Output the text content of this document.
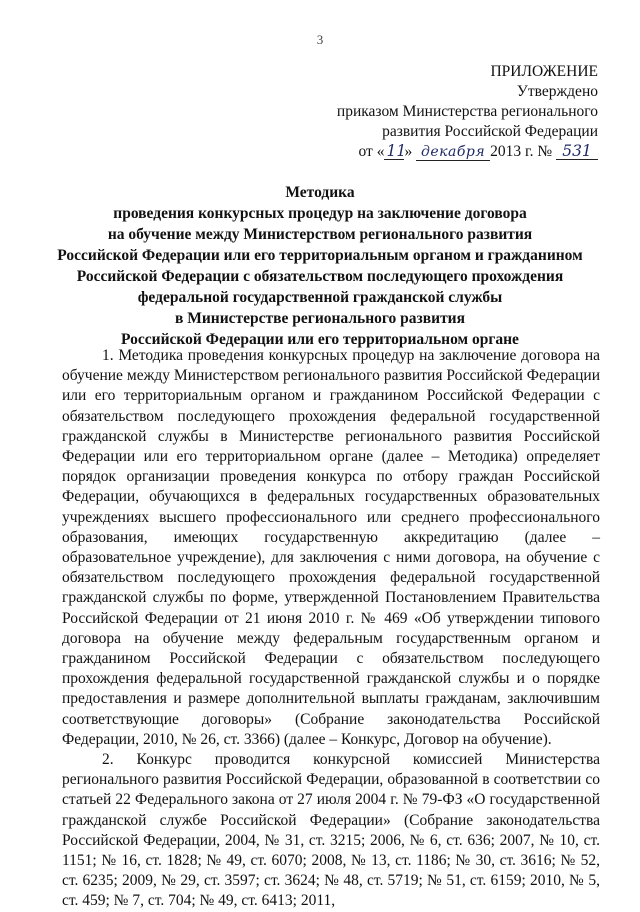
3
ПРИЛОЖЕНИЕ
Утверждено
приказом Министерства регионального
развития Российской Федерации
от « 11» декабря 2013 г. № 531
Методика
проведения конкурсных процедур на заключение договора
на обучение между Министерством регионального развития
Российской Федерации или его территориальным органом и гражданином
Российской Федерации с обязательством последующего прохождения
федеральной государственной гражданской службы
в Министерстве регионального развития
Российской Федерации или его территориальном органе

1. Методика проведения конкурсных процедур на заключение договора на обучение между Министерством регионального развития Российской Федерации или его территориальным органом и гражданином Российской Федерации с обязательством последующего прохождения федеральной государственной гражданской службы в Министерстве регионального развития Российской Федерации или его территориальном органе (далее – Методика) определяет порядок организации проведения конкурса по отбору граждан Российской Федерации, обучающихся в федеральных государственных образовательных учреждениях высшего профессионального или среднего профессионального образования, имеющих государственную аккредитацию (далее – образовательное учреждение), для заключения с ними договора, на обучение с обязательством последующего прохождения федеральной государственной гражданской службы по форме, утвержденной Постановлением Правительства Российской Федерации от 21 июня 2010 г. № 469 «Об утверждении типового договора на обучение между федеральным государственным органом и гражданином Российской Федерации с обязательством последующего прохождения федеральной государственной гражданской службы и о порядке предоставления и размере дополнительной выплаты гражданам, заключившим соответствующие договоры» (Собрание законодательства Российской Федерации, 2010, № 26, ст. 3366) (далее – Конкурс, Договор на обучение).

2. Конкурс проводится конкурсной комиссией Министерства регионального развития Российской Федерации, образованной в соответствии со статьей 22 Федерального закона от 27 июля 2004 г. № 79-ФЗ «О государственной гражданской службе Российской Федерации» (Собрание законодательства Российской Федерации, 2004, № 31, ст. 3215; 2006, № 6, ст. 636; 2007, № 10, ст. 1151; № 16, ст. 1828; № 49, ст. 6070; 2008, № 13, ст. 1186; № 30, ст. 3616; № 52, ст. 6235; 2009, № 29, ст. 3597; ст. 3624; № 48, ст. 5719; № 51, ст. 6159; 2010, № 5, ст. 459; № 7, ст. 704; № 49, ст. 6413; 2011,
